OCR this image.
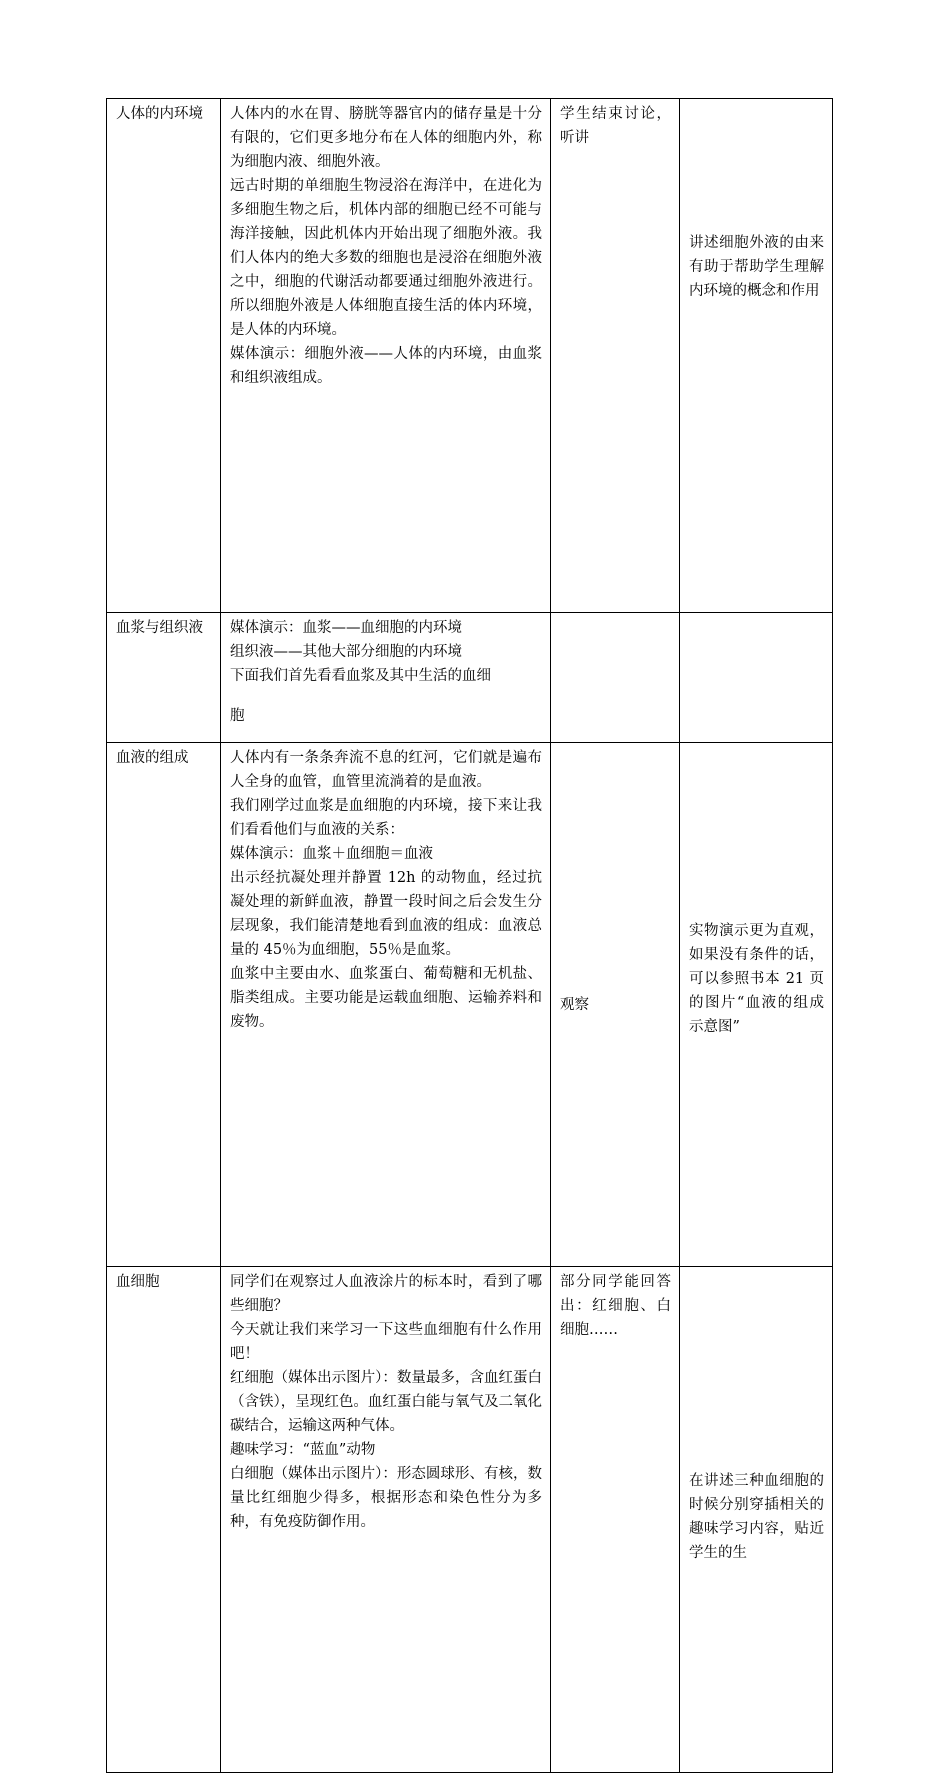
人体的内环境	人体内的水在胃、膀胱等器官内的储存量是十分有限的，它们更多地分布在人体的细胞内外，称为细胞内液、细胞外液。
远古时期的单细胞生物浸浴在海洋中，在进化为多细胞生物之后，机体内部的细胞已经不可能与海洋接触，因此机体内开始出现了细胞外液。我们人体内的绝大多数的细胞也是浸浴在细胞外液之中，细胞的代谢活动都要通过细胞外液进行。所以细胞外液是人体细胞直接生活的体内环境，是人体的内环境。
媒体演示：细胞外液——人体的内环境，由血浆和组织液组成。	学生结束讨论，听讲	讲述细胞外液的由来有助于帮助学生理解内环境的概念和作用
血浆与组织液	媒体演示：血浆——血细胞的内环境
组织液——其他大部分细胞的内环境
下面我们首先看看血浆及其中生活的血细
胞		

血液的组成	人体内有一条条奔流不息的红河，它们就是遍布人全身的血管，血管里流淌着的是血液。
我们刚学过血浆是血细胞的内环境，接下来让我们看看他们与血液的关系：
媒体演示：血浆＋血细胞＝血液
出示经抗凝处理并静置 12h 的动物血，经过抗凝处理的新鲜血液，静置一段时间之后会发生分层现象，我们能清楚地看到血液的组成：血液总量的 45％为血细胞，55％是血浆。
血浆中主要由水、血浆蛋白、葡萄糖和无机盐、脂类组成。主要功能是运载血细胞、运输养料和废物。	观察	实物演示更为直观，如果没有条件的话，可以参照书本 21 页的图片“血液的组成示意图”
血细胞	同学们在观察过人血液涂片的标本时，看到了哪些细胞？
今天就让我们来学习一下这些血细胞有什么作用吧！
红细胞（媒体出示图片）：数量最多，含血红蛋白（含铁），呈现红色。血红蛋白能与氧气及二氧化碳结合，运输这两种气体。
趣味学习：“蓝血”动物
白细胞（媒体出示图片）：形态圆球形、有核，数量比红细胞少得多，根据形态和染色性分为多种，有免疫防御作用。	部分同学能回答出：红细胞、白细胞……	在讲述三种血细胞的时候分别穿插相关的趣味学习内容，贴近学生的生
